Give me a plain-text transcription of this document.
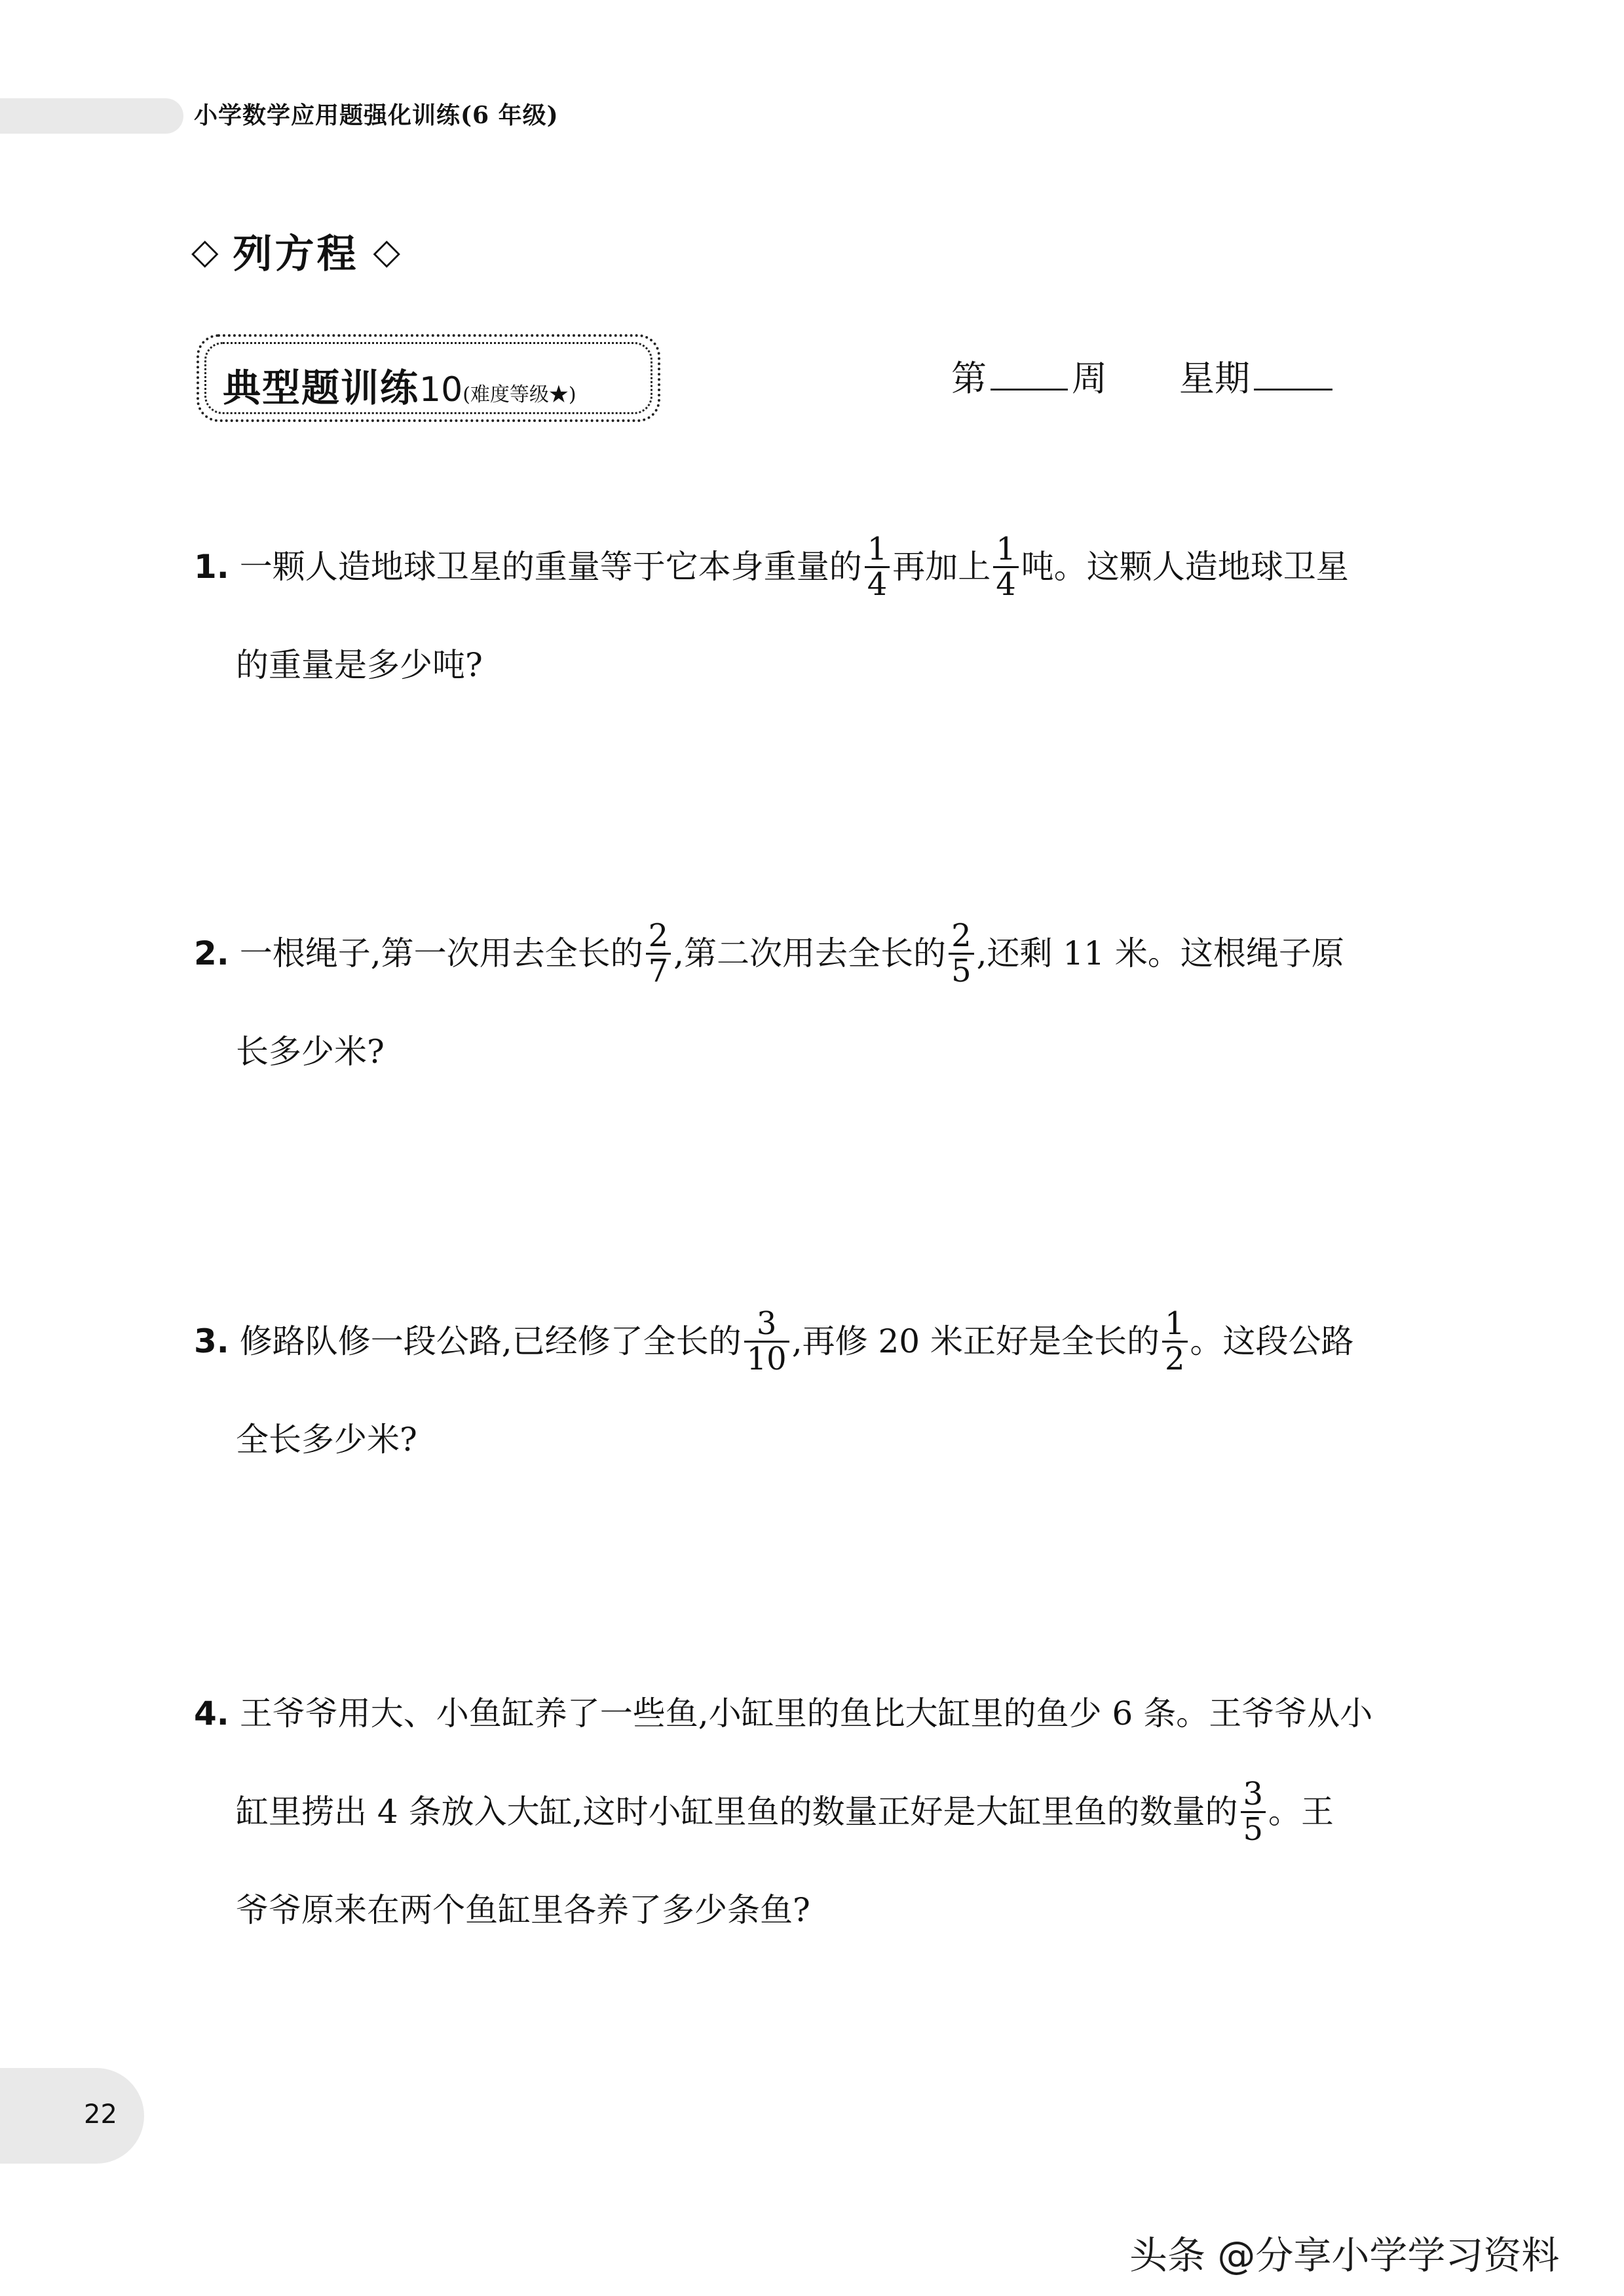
小学数学应用题强化训练(6 年级)
◇ 列方程 ◇
典型题训练 10 (难度等级★)	第 周 星期
1. 一颗人造地球卫星的重量等于它本身重量的 $\frac{1}{4}$ 再加上 $\frac{1}{4}$ 吨。这颗人造地球卫星
的重量是多少吨?
2. 一根绳子,第一次用去全长的 $\frac{2}{7}$ ,第二次用去全长的 $\frac{2}{5}$ ,还剩 11 米。这根绳子原
长多少米?
3. 修路队修一段公路,已经修了全长的 $\frac{3}{10}$ ,再修 20 米正好是全长的 $\frac{1}{2}$ 。这段公路
全长多少米?
4. 王爷爷用大、小鱼缸养了一些鱼,小缸里的鱼比大缸里的鱼少 6 条。王爷爷从小
缸里捞出 4 条放入大缸,这时小缸里鱼的数量正好是大缸里鱼的数量的 $\frac{3}{5}$ 。王
爷爷原来在两个鱼缸里各养了多少条鱼?
22
头条 @分享小学学习资料
